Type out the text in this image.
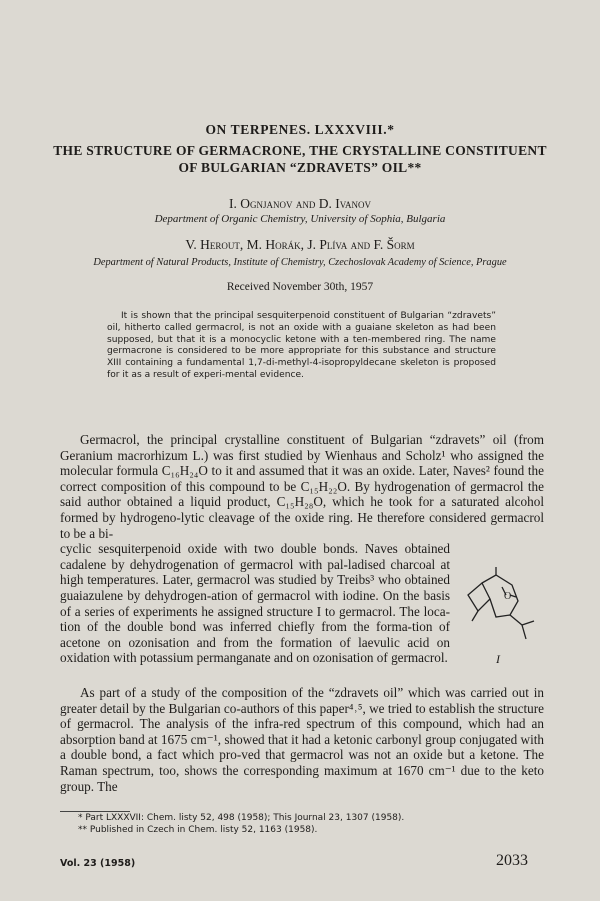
ON TERPENES. LXXXVIII.*
THE STRUCTURE OF GERMACRONE, THE CRYSTALLINE CONSTITUENT
OF BULGARIAN “ZDRAVETS” OIL**
I. Ognjanov and D. Ivanov
Department of Organic Chemistry, University of Sophia, Bulgaria
V. Herout, M. Horák, J. Plíva and F. Šorm
Department of Natural Products, Institute of Chemistry, Czechoslovak Academy of Science, Prague
Received November 30th, 1957

It is shown that the principal sesquiterpenoid constituent of Bulgarian “zdravets” oil, hitherto called germacrol, is not an oxide with a guaiane skeleton as had been supposed, but that it is a monocyclic ketone with a ten-membered ring. The name germacrone is considered to be more appropriate for this substance and structure XIII containing a fundamental 1,7-di-methyl-4-isopropyldecane skeleton is proposed for it as a result of experi-mental evidence.

Germacrol, the principal crystalline constituent of Bulgarian “zdravets” oil (from Geranium macrorhizum L.) was first studied by Wienhaus and Scholz¹ who assigned the molecular formula C₁₆H₂₄O to it and assumed that it was an oxide. Later, Naves² found the correct composition of this compound to be C₁₅H₂₂O. By hydrogenation of germacrol the said author obtained a liquid product, C₁₅H₂₈O, which he took for a saturated alcohol formed by hydrogeno-lytic cleavage of the oxide ring. He therefore considered germacrol to be a bi-

cyclic sesquiterpenoid oxide with two double bonds. Naves obtained cadalene by dehydrogenation of germacrol with pal-ladised charcoal at high temperatures. Later, germacrol was studied by Treibs³ who obtained guaiazulene by dehydrogen-ation of germacrol with iodine. On the basis of a series of experiments he assigned structure I to germacrol. The loca-tion of the double bond was inferred chiefly from the forma-tion of acetone on ozonisation and from the formation of laevulic acid on oxidation with potassium permanganate and on ozonisation of germacrol.

O
I

As part of a study of the composition of the “zdravets oil” which was carried out in greater detail by the Bulgarian co-authors of this paper⁴˒⁵, we tried to establish the structure of germacrol. The analysis of the infra-red spectrum of this compound, which had an absorption band at 1675 cm⁻¹, showed that it had a ketonic carbonyl group conjugated with a double bond, a fact which pro-ved that germacrol was not an oxide but a ketone. The Raman spectrum, too, shows the corresponding maximum at 1670 cm⁻¹ due to the keto group. The

* Part LXXXVII: Chem. listy 52, 498 (1958); This Journal 23, 1307 (1958).
** Published in Czech in Chem. listy 52, 1163 (1958).
Vol. 23 (1958)	2033
